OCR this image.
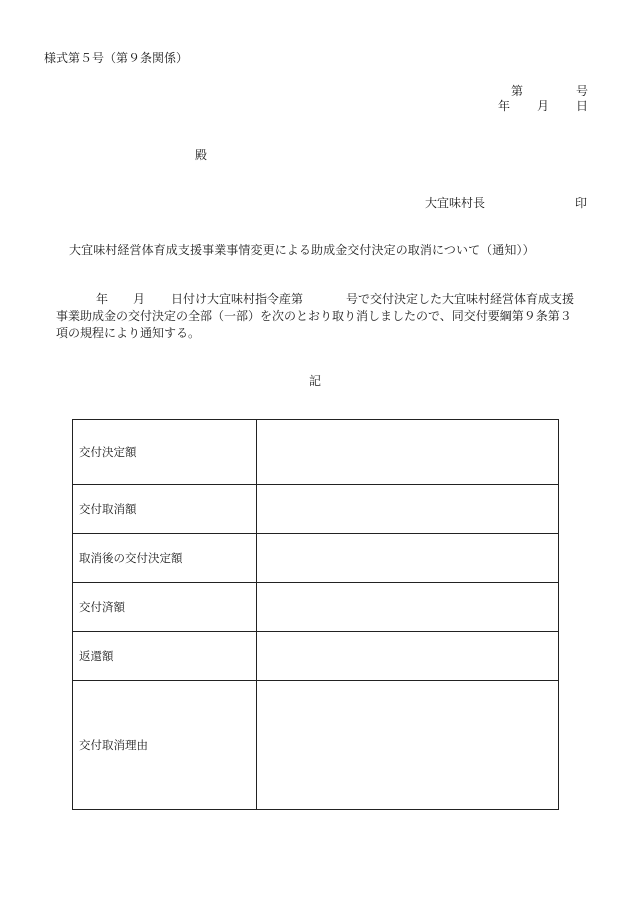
様式第５号（第９条関係）
第	号
年 月 日
殿
大宜味村長	印
大宜味村経営体育成支援事業事情変更による助成金交付決定の取消について（通知））
年 月 日付け大宜味村指令産第	号で交付決定した大宜味村経営体育成支援
事業助成金の交付決定の全部（一部）を次のとおり取り消しましたので、同交付要綱第９条第３
項の規程により通知する。
記
交付決定額	
交付取消額	
取消後の交付決定額	
交付済額	
返還額	
交付取消理由	
